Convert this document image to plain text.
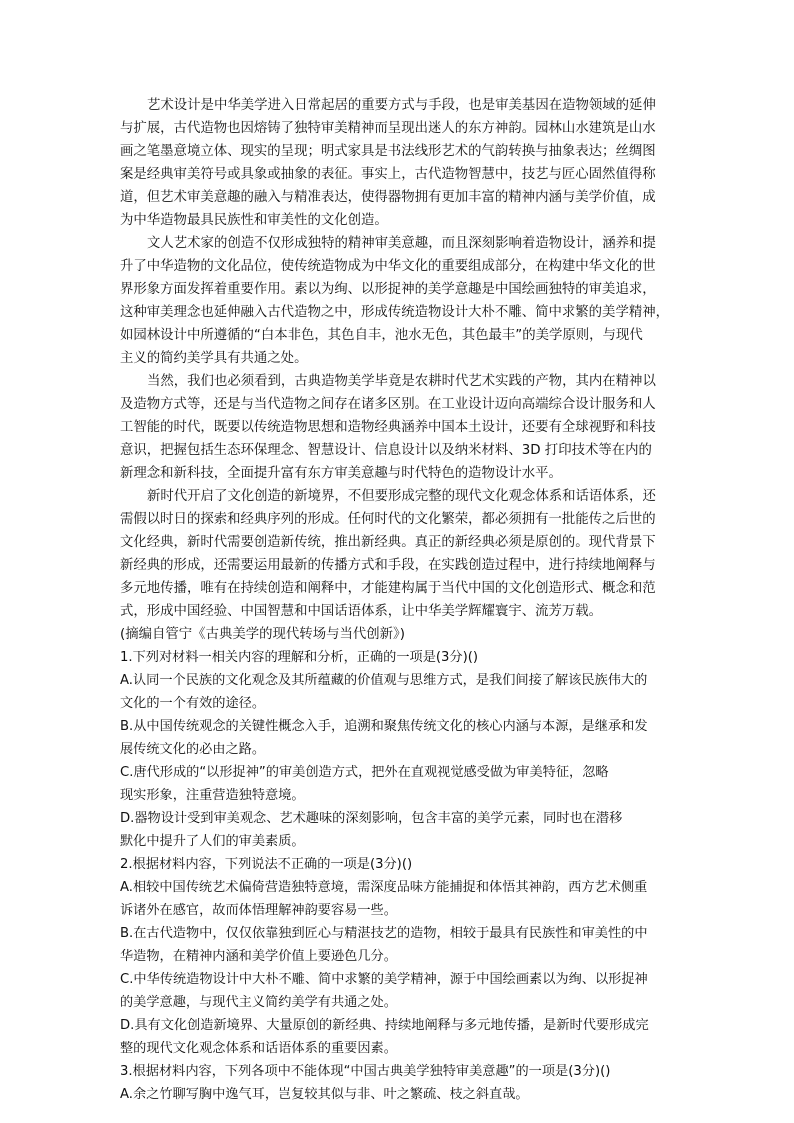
艺术设计是中华美学进入日常起居的重要方式与手段，也是审美基因在造物领域的延伸
与扩展，古代造物也因熔铸了独特审美精神而呈现出迷人的东方神韵。园林山水建筑是山水
画之笔墨意境立体、现实的呈现；明式家具是书法线形艺术的气韵转换与抽象表达；丝绸图
案是经典审美符号或具象或抽象的表征。事实上，古代造物智慧中，技艺与匠心固然值得称
道，但艺术审美意趣的融入与精准表达，使得器物拥有更加丰富的精神内涵与美学价值，成
为中华造物最具民族性和审美性的文化创造。
文人艺术家的创造不仅形成独特的精神审美意趣，而且深刻影响着造物设计，涵养和提
升了中华造物的文化品位，使传统造物成为中华文化的重要组成部分，在构建中华文化的世
界形象方面发挥着重要作用。素以为绚、以形捉神的美学意趣是中国绘画独特的审美追求，
这种审美理念也延伸融入古代造物之中，形成传统造物设计大朴不雕、简中求繁的美学精神，
如园林设计中所遵循的“白本非色，其色自丰，池水无色，其色最丰”的美学原则，与现代
主义的简约美学具有共通之处。
当然，我们也必须看到，古典造物美学毕竟是农耕时代艺术实践的产物，其内在精神以
及造物方式等，还是与当代造物之间存在诸多区别。在工业设计迈向高端综合设计服务和人
工智能的时代，既要以传统造物思想和造物经典涵养中国本土设计，还要有全球视野和科技
意识，把握包括生态环保理念、智慧设计、信息设计以及纳米材料、3D 打印技术等在内的
新理念和新科技，全面提升富有东方审美意趣与时代特色的造物设计水平。
新时代开启了文化创造的新境界，不但要形成完整的现代文化观念体系和话语体系，还
需假以时日的探索和经典序列的形成。任何时代的文化繁荣，都必须拥有一批能传之后世的
文化经典，新时代需要创造新传统，推出新经典。真正的新经典必须是原创的。现代背景下
新经典的形成，还需要运用最新的传播方式和手段，在实践创造过程中，进行持续地阐释与
多元地传播，唯有在持续创造和阐释中，才能建构属于当代中国的文化创造形式、概念和范
式，形成中国经验、中国智慧和中国话语体系，让中华美学辉耀寰宇、流芳万载。
(摘编自管宁《古典美学的现代转场与当代创新》)
1.下列对材料一相关内容的理解和分析，正确的一项是(3分)()
A.认同一个民族的文化观念及其所蕴藏的价值观与思维方式，是我们间接了解该民族伟大的
文化的一个有效的途径。
B.从中国传统观念的关键性概念入手，追溯和聚焦传统文化的核心内涵与本源，是继承和发
展传统文化的必由之路。
C.唐代形成的“以形捉神”的审美创造方式，把外在直观视觉感受做为审美特征，忽略
现实形象，注重营造独特意境。
D.器物设计受到审美观念、艺术趣味的深刻影响，包含丰富的美学元素，同时也在潜移
默化中提升了人们的审美素质。
2.根据材料内容，下列说法不正确的一项是(3分)()
A.相较中国传统艺术偏倚营造独特意境，需深度品味方能捕捉和体悟其神韵，西方艺术侧重
诉诸外在感官，故而体悟理解神韵要容易一些。
B.在古代造物中，仅仅依靠独到匠心与精湛技艺的造物，相较于最具有民族性和审美性的中
华造物，在精神内涵和美学价值上要逊色几分。
C.中华传统造物设计中大朴不雕、简中求繁的美学精神，源于中国绘画素以为绚、以形捉神
的美学意趣，与现代主义简约美学有共通之处。
D.具有文化创造新境界、大量原创的新经典、持续地阐释与多元地传播，是新时代要形成完
整的现代文化观念体系和话语体系的重要因素。
3.根据材料内容，下列各项中不能体现“中国古典美学独特审美意趣”的一项是(3分)()
A.余之竹聊写胸中逸气耳，岂复较其似与非、叶之繁疏、枝之斜直哉。
